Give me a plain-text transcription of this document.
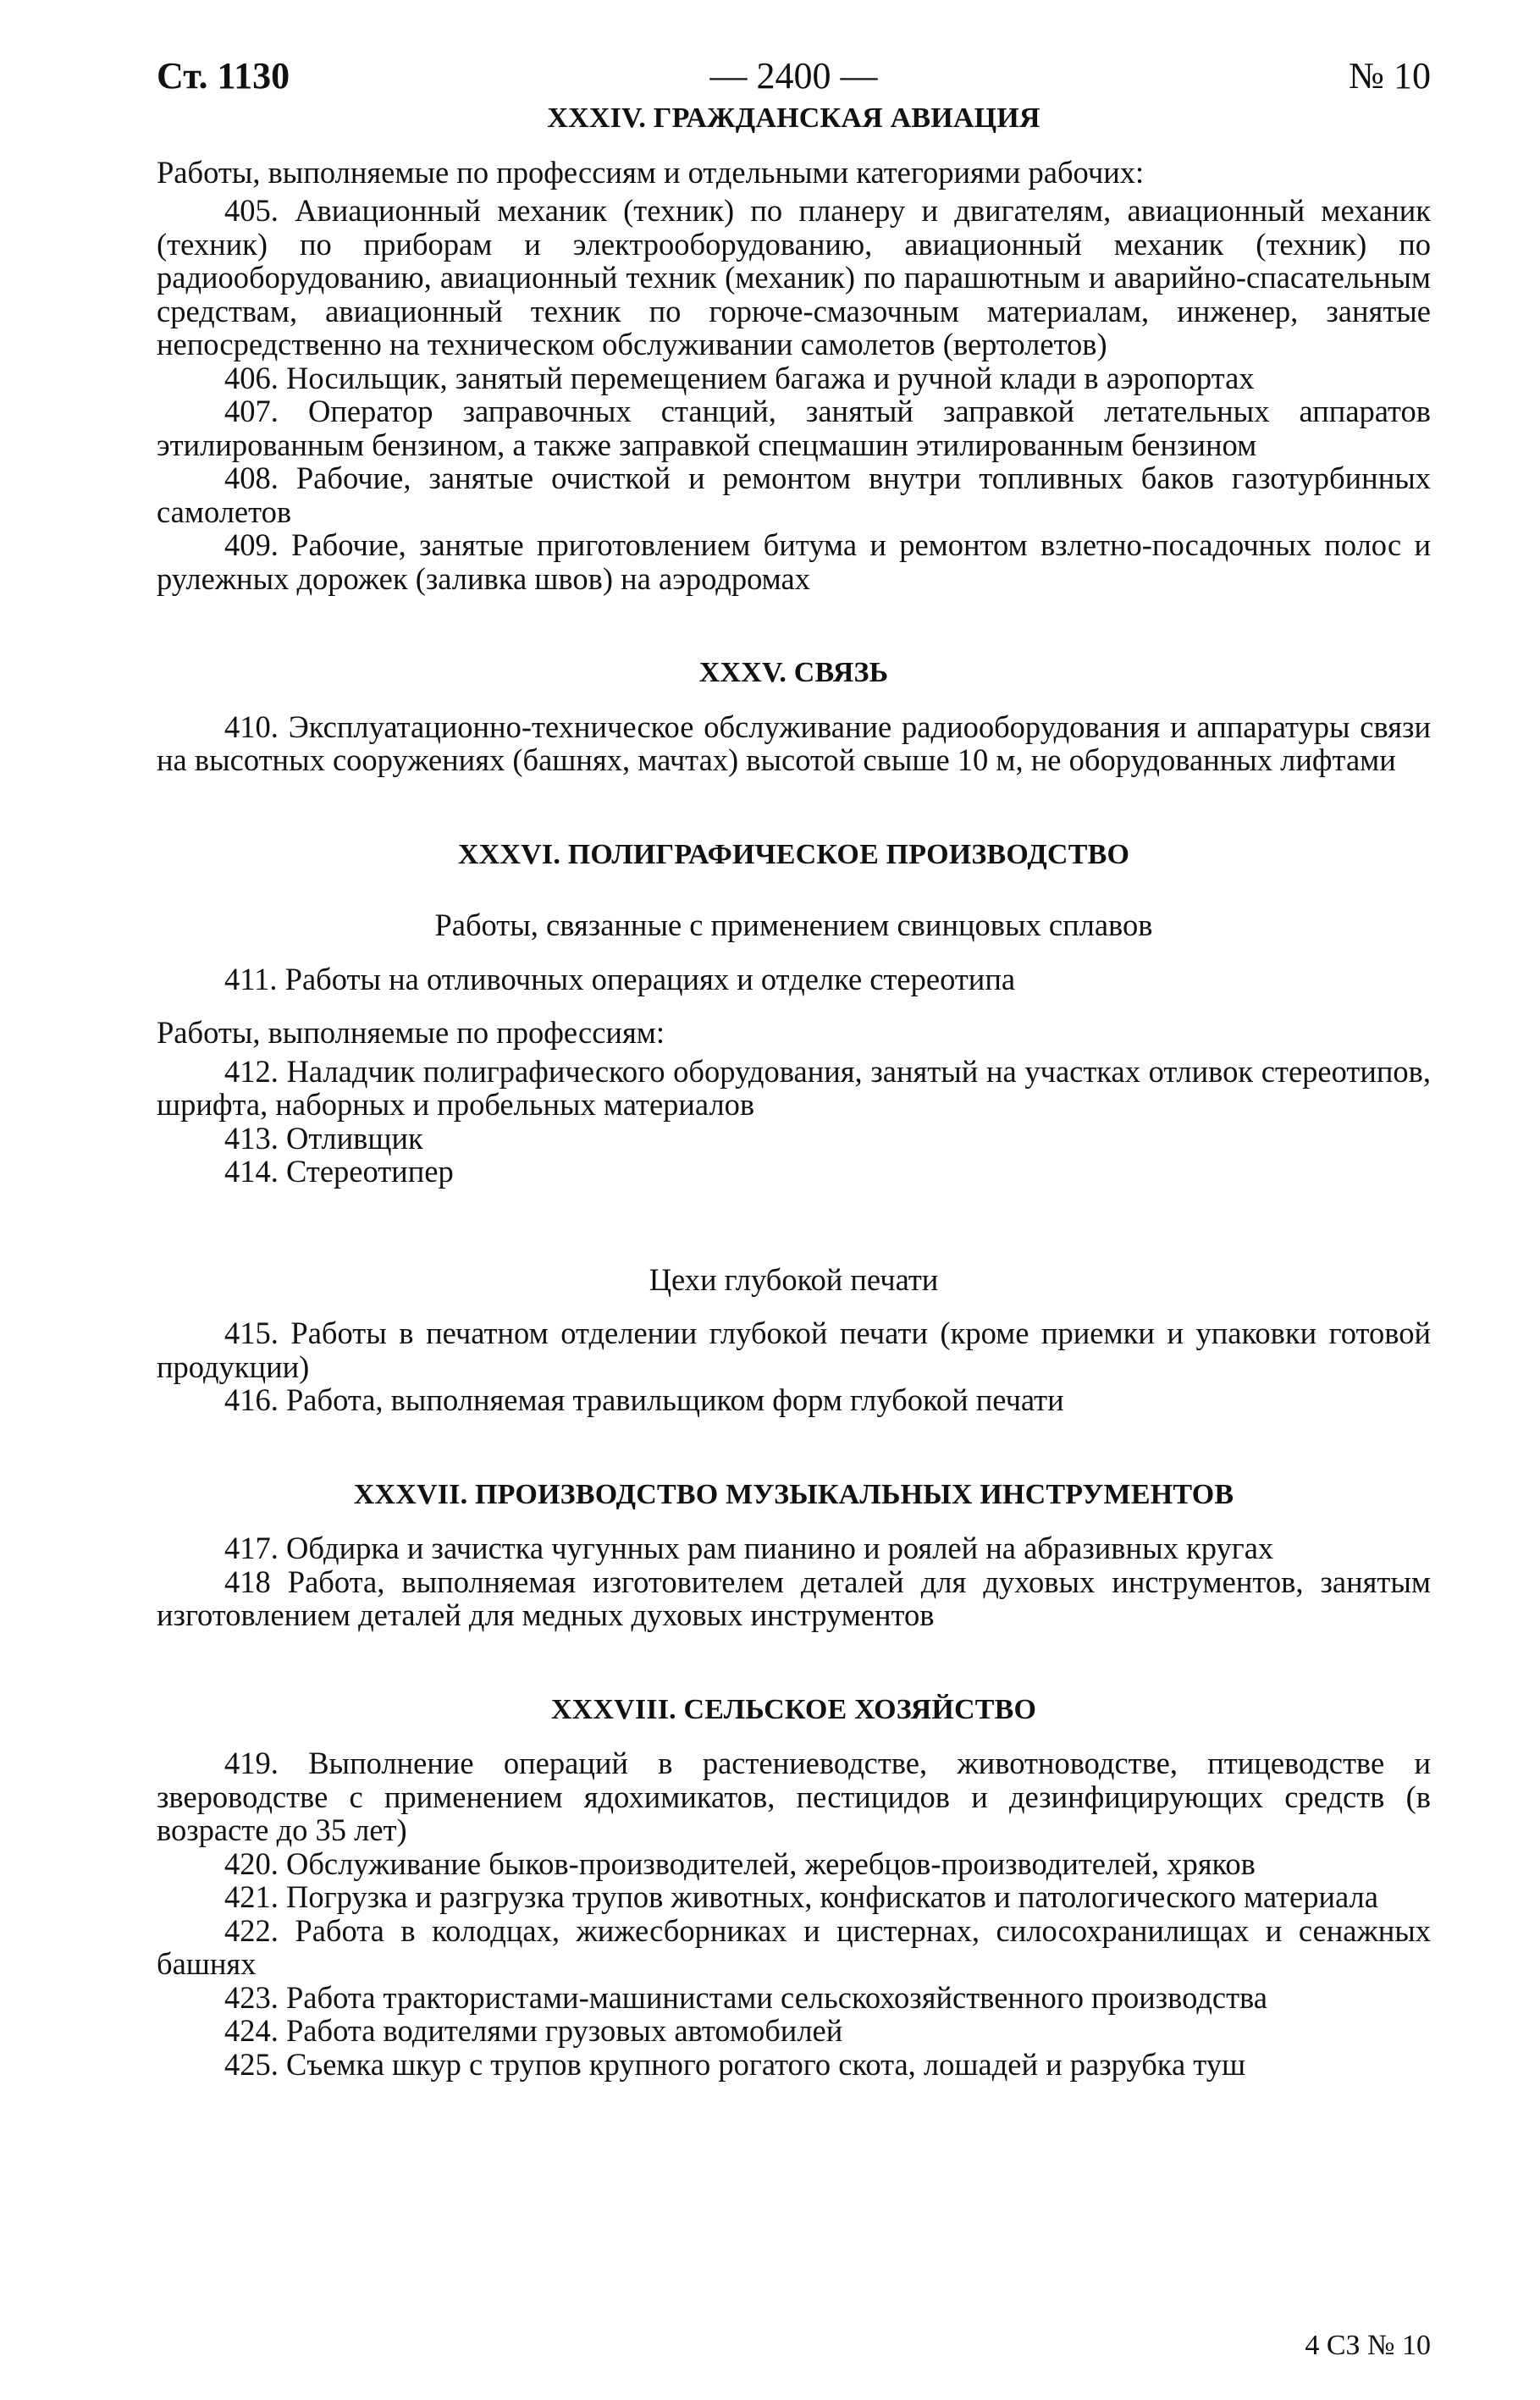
Ст. 1130	— 2400 —	№ 10
XXXIV. ГРАЖДАНСКАЯ АВИАЦИЯ

Работы, выполняемые по профессиям и отдельными категориями рабочих:

405. Авиационный механик (техник) по планеру и двигателям, авиационный механик (техник) по приборам и электрооборудованию, авиационный механик (техник) по радиооборудованию, авиационный техник (механик) по парашютным и аварийно-спасательным средствам, авиационный техник по горюче-смазочным материалам, инженер, занятые непосредственно на техническом обслуживании самолетов (вертолетов)

406. Носильщик, занятый перемещением багажа и ручной клади в аэропортах

407. Оператор заправочных станций, занятый заправкой летательных аппаратов этилированным бензином, а также заправкой спецмашин этилированным бензином

408. Рабочие, занятые очисткой и ремонтом внутри топливных баков газотурбинных самолетов

409. Рабочие, занятые приготовлением битума и ремонтом взлетно-посадочных полос и рулежных дорожек (заливка швов) на аэродромах

XXXV. СВЯЗЬ

410. Эксплуатационно-техническое обслуживание радиооборудования и аппаратуры связи на высотных сооружениях (башнях, мачтах) высотой свыше 10 м, не оборудованных лифтами

XXXVI. ПОЛИГРАФИЧЕСКОЕ ПРОИЗВОДСТВО

Работы, связанные с применением свинцовых сплавов

411. Работы на отливочных операциях и отделке стереотипа

Работы, выполняемые по профессиям:

412. Наладчик полиграфического оборудования, занятый на участках отливок стереотипов, шрифта, наборных и пробельных материалов

413. Отливщик

414. Стереотипер

Цехи глубокой печати

415. Работы в печатном отделении глубокой печати (кроме приемки и упаковки готовой продукции)

416. Работа, выполняемая травильщиком форм глубокой печати

XXXVII. ПРОИЗВОДСТВО МУЗЫКАЛЬНЫХ ИНСТРУМЕНТОВ

417. Обдирка и зачистка чугунных рам пианино и роялей на абразивных кругах

418 Работа, выполняемая изготовителем деталей для духовых инструментов, занятым изготовлением деталей для медных духовых инструментов

XXXVIII. СЕЛЬСКОЕ ХОЗЯЙСТВО

419. Выполнение операций в растениеводстве, животноводстве, птицеводстве и звероводстве с применением ядохимикатов, пестицидов и дезинфицирующих средств (в возрасте до 35 лет)

420. Обслуживание быков-производителей, жеребцов-производителей, хряков

421. Погрузка и разгрузка трупов животных, конфискатов и патологического материала

422. Работа в колодцах, жижесборниках и цистернах, силосохранилищах и сенажных башнях

423. Работа трактористами-машинистами сельскохозяйственного производства

424. Работа водителями грузовых автомобилей

425. Съемка шкур с трупов крупного рогатого скота, лошадей и разрубка туш

4 СЗ № 10
